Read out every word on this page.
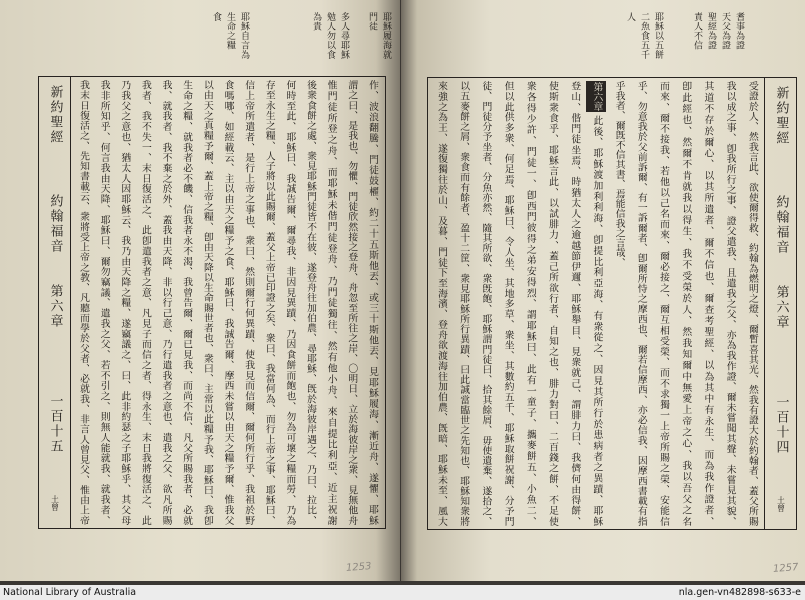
耶穌履海就
門徒
多人尋耶穌
勉人勿以食
為貴
耶穌自言為
生命之糧
食
新約聖經
約翰福音
第六章
一百十五
土曾	作、波浪翻騰、門徒鼓櫂、約二十五斯他丟、或三十斯他丟、見耶穌履海、漸近舟、遂懼、耶穌
謂之曰、是我也、勿懼、門徒欣然接之登舟、舟忽至所往之岸、〇明日、立於海彼岸之衆、見無他舟
惟門徒所登之舟、而耶穌未偕門徒登舟、乃門徒獨往、然有他小舟、來自提比利亞、近主祝謝
後衆食餅之處、衆見耶穌門徒皆不在彼、遂登舟往加伯農、尋耶穌、旣於海彼岸遇之、乃曰、拉比、
何時至此、耶穌曰、我誠告爾、爾尋我、非因見異蹟、乃因食餅而飽也、勿為可壞之糧而勞、乃為
存至永生之糧、人子將以此賜爾、蓋父上帝已印證之矣、衆曰、我當何為、而行上帝之事、耶穌曰、
信上帝所遣者、是行上帝之事也、衆曰、然則爾行何異蹟、使我見而信爾、爾何所行乎、我祖於野
食嗎哪、如經載云、主以由天之糧予之食、耶穌曰、我誠告爾、摩西未嘗以由天之糧予爾、惟我父
以由天之真糧予爾、蓋上帝之糧、卽由天降以生命賜世者也、衆曰、主常以此糧予我、耶穌曰、我卽
生命之糧、就我者必不饑、信我者永不渴、我曾告爾、爾已見我、而尚不信、凡父所賜我者、必就
我、就我者、我不棄之於外、蓋我由天降、非以行己意、乃行遣我者之意也、遣我之父、欲凡所賜
我者、我不失一、末日復活之、此卽遣我者之意、凡見子而信之者、得永生、末日我將復活之、此
乃我父之意也、猶太人因耶穌云、我乃由天降之糧、遂竊議之、曰、此非約瑟之子耶穌乎、其父母
我非所知乎、何言我由天降、耶穌曰、爾勿竊議、遣我之父、若不引之、則無人能就我、就我者、
我末日復活之、先知書載云、衆將受上帝之教、凡聽而學於父者、必就我、非言人曾見父、惟由上帝
1253
耆事為證
天父為證
聖經為證
責人不信
耶穌以五餅
二魚食五千
人
新約聖經
約翰福音
第六章
一百十四
土曾
受證於人、然我言此、欲使爾得救、約翰為燃明之燈、爾暫喜其光、然我有證大於約翰者、蓋父所賜
我以成之事、卽我所行之事、證父遣我、且遣我之父、亦為我作證、爾未嘗聞其聲、未嘗見其貌、
其道不存於爾心、以其所遣者、爾不信也、爾查考聖經、以為其中有永生、而為我作證者、
卽此經也、然爾不肯就我以得生、我不受榮於人、然我知爾中無愛上帝之心、我以吾父之名
而來、爾不接我、若他以己名而來、爾必接之、爾互相受榮、而不求獨一上帝所賜之榮、安能信
乎、勿意我於父前訴爾、有一訴爾者、卽爾所恃之摩西也、爾若信摩西、亦必信我、因摩西書載有指
乎我者、爾旣不信其書、焉能信我之言哉、
第六章此後、耶穌渡加利利海、卽提比利亞海、有衆從之、因見其所行於患病者之異蹟、耶穌
登山、偕門徒坐焉、時猶太人之逾越節伊邇、耶穌舉目、見衆就己、謂腓力曰、我儕何由得餅、
使斯衆食乎、耶穌言此、以試腓力、蓋己所欲行者、自知之也、腓力對曰、二百錢之餅、不足使
衆各得少許、門徒一、卽西門彼得之弟安得烈、謂耶穌曰、此有一童子、攜麥餅五、小魚二、
但以此供多衆、何足焉、耶穌曰、令人坐、其地多草、衆坐、其數約五千、耶穌取餅祝謝、分予門
徒、門徒分予坐者、分魚亦然、隨其所欲、衆旣飽、耶穌謂門徒曰、拾其餘屑、毋使遺棄、遂拾之、
以五麥餅之屑、衆食而有餘者、盈十二筐、衆見耶穌所行異蹟、曰此誠當臨世之先知也、耶穌知衆將
來強之為王、遂復獨往於山、及暮、門徒下至海濱、登舟欲渡海往加伯農、旣暗、耶穌未至、風大
1257
National Library of Australia	nla.gen-vn482898-s633-e
